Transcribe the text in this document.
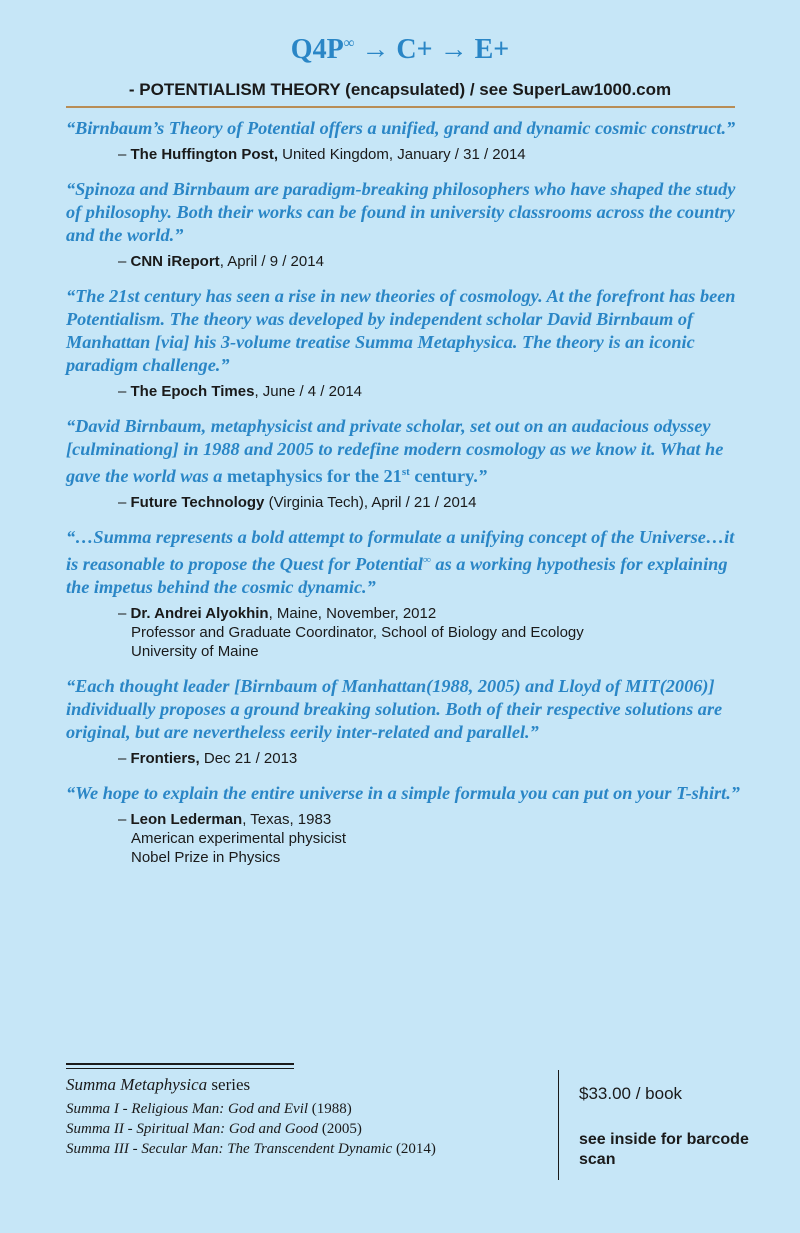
Q4P∞ → C+ → E+
- POTENTIALISM THEORY (encapsulated) / see SuperLaw1000.com

“Birnbaum’s Theory of Potential offers a unified, grand and dynamic cosmic construct.”

– The Huffington Post, United Kingdom, January / 31 / 2014

“Spinoza and Birnbaum are paradigm-breaking philosophers who have shaped the study of philosophy. Both their works can be found in university classrooms across the country and the world.”

– CNN iReport, April / 9 / 2014

“The 21st century has seen a rise in new theories of cosmology. At the forefront has been Potentialism. The theory was developed by independent scholar David Birnbaum of Manhattan [via] his 3-volume treatise Summa Metaphysica. The theory is an iconic paradigm challenge.”

– The Epoch Times, June / 4 / 2014

“David Birnbaum, metaphysicist and private scholar, set out on an audacious odyssey [culminationg] in 1988 and 2005 to redefine modern cosmology as we know it. What he gave the world was a metaphysics for the 21st century.”

– Future Technology (Virginia Tech), April / 21 / 2014

“…Summa represents a bold attempt to formulate a unifying concept of the Universe…it is reasonable to propose the Quest for Potential∞ as a working hypothesis for explaining the impetus behind the cosmic dynamic.”

– Dr. Andrei Alyokhin, Maine, November, 2012
Professor and Graduate Coordinator, School of Biology and Ecology
University of Maine

“Each thought leader [Birnbaum of Manhattan(1988, 2005) and Lloyd of MIT(2006)] individually proposes a ground breaking solution. Both of their respective solutions are original, but are nevertheless eerily inter-related and parallel.”

– Frontiers, Dec 21 / 2013

“We hope to explain the entire universe in a simple formula you can put on your T-shirt.”

– Leon Lederman, Texas, 1983
American experimental physicist
Nobel Prize in Physics
Summa Metaphysica series
Summa I - Religious Man: God and Evil (1988)
Summa II - Spiritual Man: God and Good (2005)
Summa III - Secular Man: The Transcendent Dynamic (2014)
$33.00 / book
see inside for barcode scan
